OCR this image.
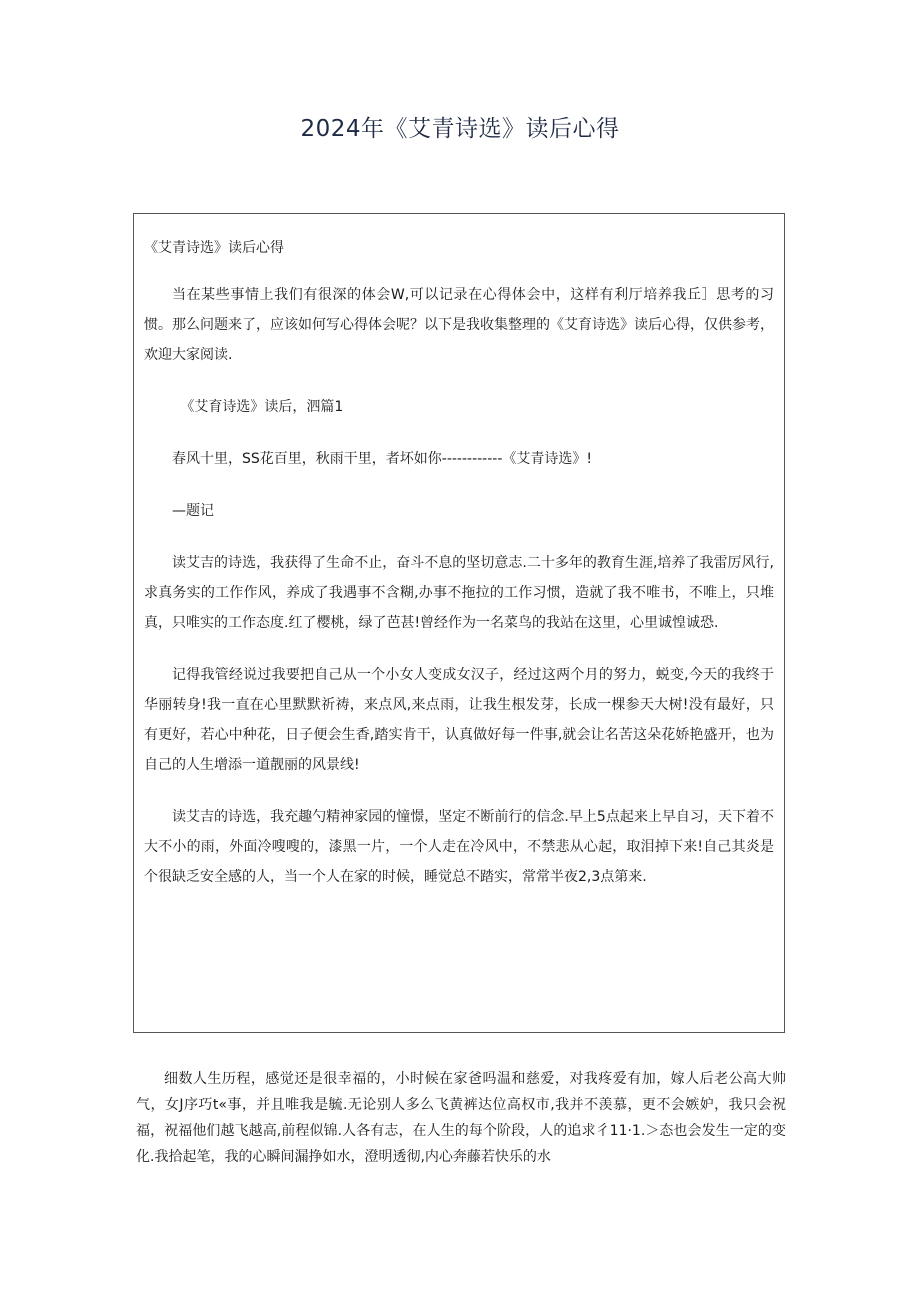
2024年《艾青诗选》读后心得

《艾青诗选》读后心得

当在某些事情上我们有很深的体会W,可以记录在心得体会中，这样有利厅培养我丘］思考的习惯。那么问题来了，应该如何写心得体会呢？以下是我收集整理的《艾育诗选》读后心得，仅供参考，欢迎大家阅读.

《艾育诗选》读后，泗篇1

春风十里，SS花百里，秋雨干里，者坏如你------------《艾青诗选》!

—题记

读艾吉的诗选，我获得了生命不止，奋斗不息的坚切意志.二十多年的教育生涯,培养了我雷厉风行,求真务实的工作作风，养成了我遇事不含糊,办事不拖拉的工作习惯，造就了我不唯书，不唯上，只堆真，只唯实的工作态度.红了樱桃，绿了芭甚!曾经作为一名菜鸟的我站在这里，心里诚惶诚恐.

记得我管经说过我要把自己从一个小女人变成女汉子，经过这两个月的努力，蜕变,今天的我终于华丽转身!我一直在心里默默祈祷，来点风,来点雨，让我生根发芽，长成一棵参天大树!没有最好，只有更好，若心中种花，日子便会生香,踏实肯干，认真做好每一件事,就会让名苦这朵花娇艳盛开，也为自己的人生增添一道靓丽的风景线!

读艾吉的诗选，我充趣勺精神家园的憧憬，坚定不断前行的信念.早上5点起来上早自习，天下着不大不小的雨，外面冷嗖嗖的，漆黑一片，一个人走在冷风中，不禁悲从心起，取泪掉下来!自己其炎是个很缺乏安全感的人，当一个人在家的时候，睡觉总不踏实，常常半夜2,3点第来.

细数人生历程，感觉还是很幸福的，小时候在家爸吗温和慈爱，对我疼爱有加，嫁人后老公高大帅气，女J序巧t«事，并且唯我是毓.无论别人多么飞黄裤达位高权市,我并不羡慕，更不会嫉妒，我只会祝福，祝福他们越飞越高,前程似锦.人各有志，在人生的每个阶段，人的追求彳11·1.＞态也会发生一定的变化.我拾起笔，我的心瞬间漏挣如水，澄明透彻,内心奔藤若快乐的水
